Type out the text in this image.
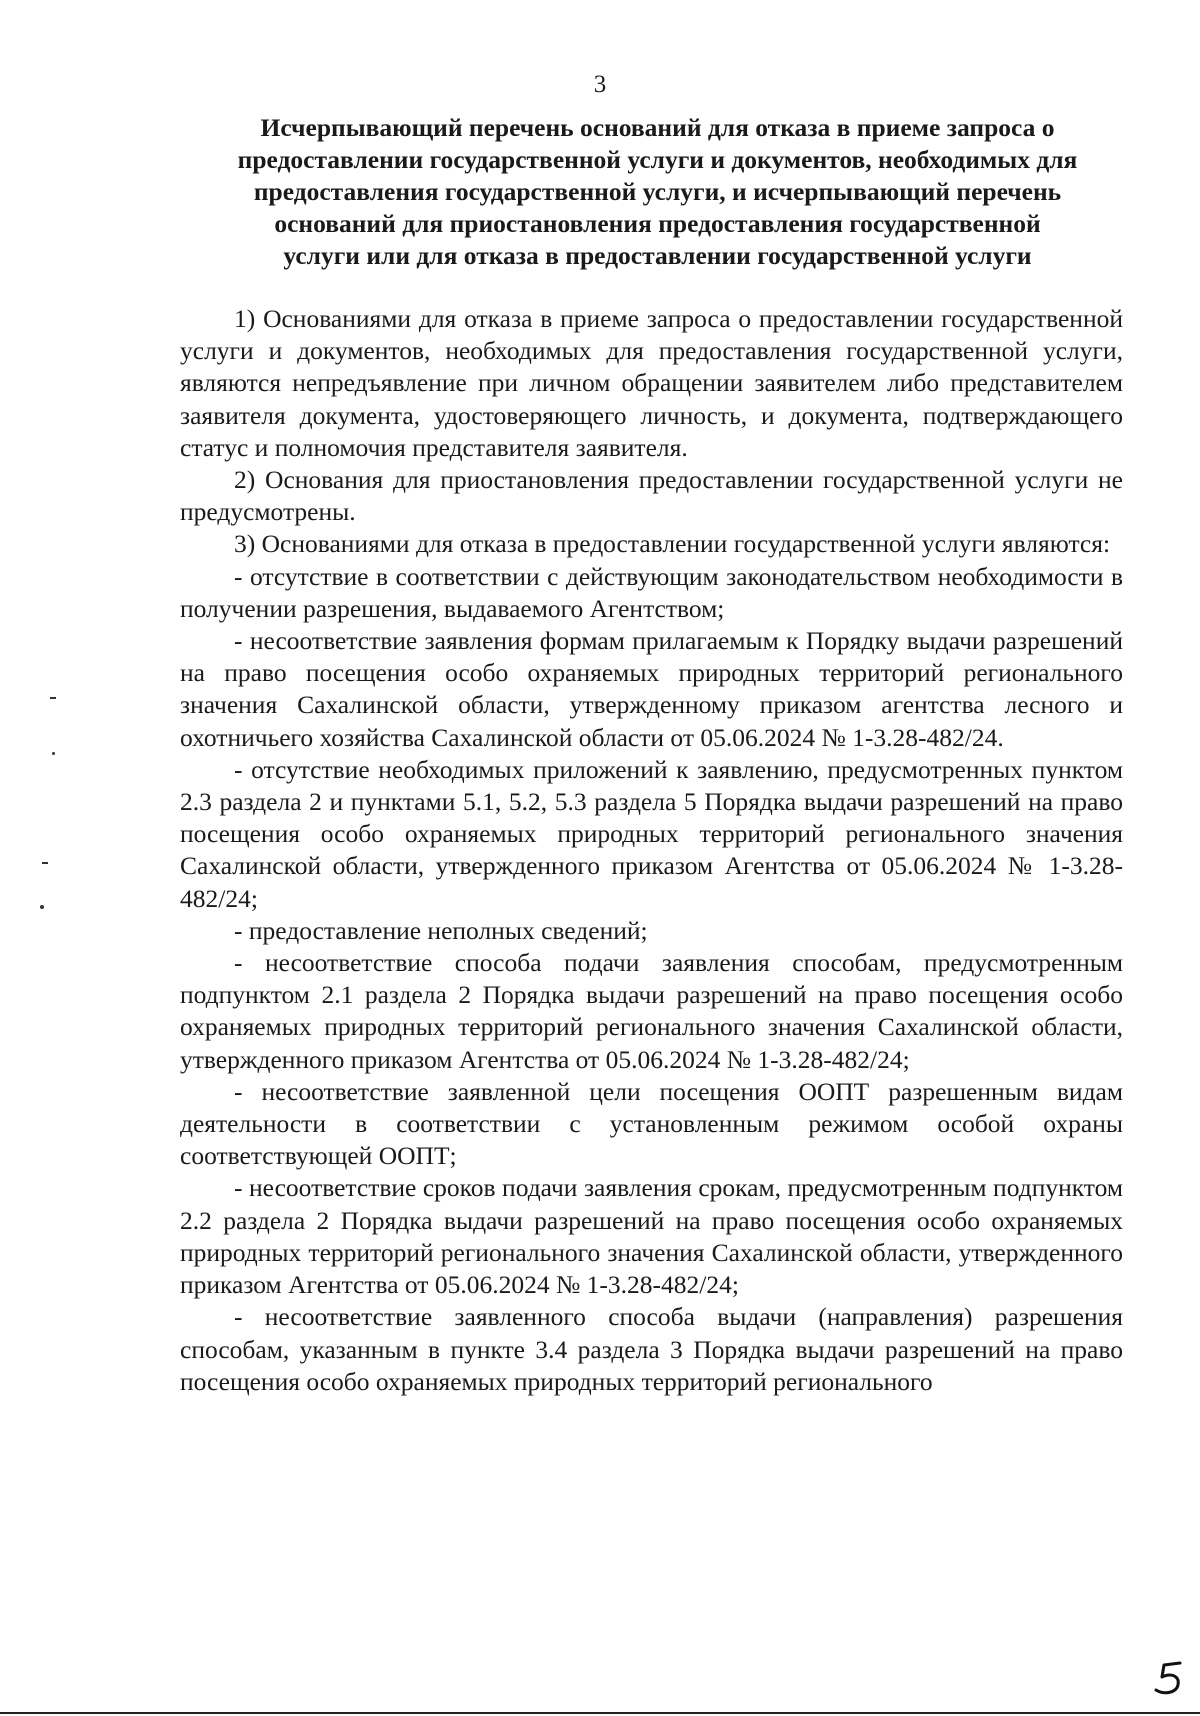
3
Исчерпывающий перечень оснований для отказа в приеме запроса о
предоставлении государственной услуги и документов, необходимых для
предоставления государственной услуги, и исчерпывающий перечень
оснований для приостановления предоставления государственной
услуги или для отказа в предоставлении государственной услуги

1) Основаниями для отказа в приеме запроса о предоставлении государственной услуги и документов, необходимых для предоставления государственной услуги, являются непредъявление при личном обращении заявителем либо представителем заявителя документа, удостоверяющего личность, и документа, подтверждающего статус и полномочия представителя заявителя.

2) Основания для приостановления предоставлении государственной услуги не предусмотрены.

3) Основаниями для отказа в предоставлении государственной услуги являются:

- отсутствие в соответствии с действующим законодательством необходимости в получении разрешения, выдаваемого Агентством;

- несоответствие заявления формам прилагаемым к Порядку выдачи разрешений на право посещения особо охраняемых природных территорий регионального значения Сахалинской области, утвержденному приказом агентства лесного и охотничьего хозяйства Сахалинской области от 05.06.2024 № 1-3.28-482/24.

- отсутствие необходимых приложений к заявлению, предусмотренных пунктом 2.3 раздела 2 и пунктами 5.1, 5.2, 5.3 раздела 5 Порядка выдачи разрешений на право посещения особо охраняемых природных территорий регионального значения Сахалинской области, утвержденного приказом Агентства от 05.06.2024 № 1-3.28-482/24;

- предоставление неполных сведений;

- несоответствие способа подачи заявления способам, предусмотренным подпунктом 2.1 раздела 2 Порядка выдачи разрешений на право посещения особо охраняемых природных территорий регионального значения Сахалинской области, утвержденного приказом Агентства от 05.06.2024 № 1-3.28-482/24;

- несоответствие заявленной цели посещения ООПТ разрешенным видам деятельности в соответствии с установленным режимом особой охраны соответствующей ООПТ;

- несоответствие сроков подачи заявления срокам, предусмотренным подпунктом 2.2 раздела 2 Порядка выдачи разрешений на право посещения особо охраняемых природных территорий регионального значения Сахалинской области, утвержденного приказом Агентства от 05.06.2024 № 1-3.28-482/24;

- несоответствие заявленного способа выдачи (направления) разрешения способам, указанным в пункте 3.4 раздела 3 Порядка выдачи разрешений на право посещения особо охраняемых природных территорий регионального
